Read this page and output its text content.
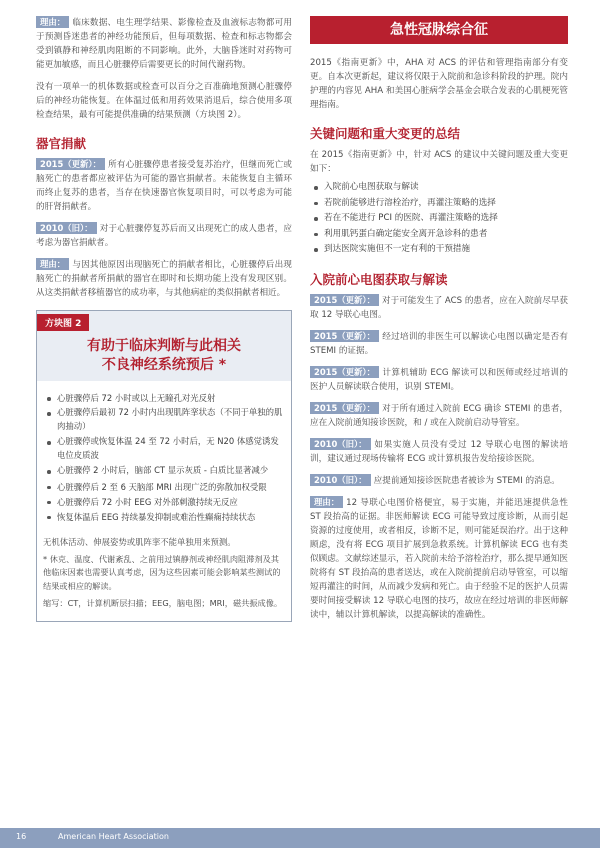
理由： 临床数据、电生理学结果、影像检查及血液标志物都可用于预测昏迷患者的神经功能预后，但每项数据、检查和标志物都会受到镇静和神经肌肉阻断的不同影响。此外，大脑昏迷时对药物可能更加敏感，而且心脏骤停后需要更长的时间代谢药物。

没有一项单一的机体数据或检查可以百分之百准确地预测心脏骤停后的神经功能恢复。在体温过低和用药效果消退后，综合使用多项检查结果，最有可能提供准确的结果预测（方块图 2）。

器官捐献

2015（更新）： 所有心脏骤停患者接受复苏治疗，但继而死亡或脑死亡的患者都应被评估为可能的器官捐献者。未能恢复自主循环而终止复苏的患者，当存在快速器官恢复项目时，可以考虑为可能的肝肾捐献者。

2010（旧）： 对于心脏骤停复苏后而又出现死亡的成人患者，应考虑为器官捐献者。

理由： 与因其他原因出现脑死亡的捐献者相比，心脏骤停后出现脑死亡的捐献者所捐献的器官在即时和长期功能上没有发现区别。从这类捐献者移植器官的成功率，与其他病症的类似捐献者相近。

方块图 2
有助于临床判断与此相关
不良神经系统预后 *
心脏骤停后 72 小时或以上无瞳孔对光反射
心脏骤停后最初 72 小时内出现肌阵挛状态（不同于单独的肌肉抽动）
心脏骤停或恢复体温 24 至 72 小时后，无 N20 体感觉诱发电位皮质波
心脏骤停 2 小时后，脑部 CT 显示灰质 - 白质比显著减少
心脏骤停后 2 至 6 天脑部 MRI 出现广泛的弥散加权受限
心脏骤停后 72 小时 EEG 对外部刺激持续无反应
恢复体温后 EEG 持续暴发抑制或难治性癫痫持续状态

无机体活动、伸展姿势或肌阵挛不能单独用来预测。

* 休克、温度、代谢紊乱、之前用过镇静剂或神经肌肉阻滞剂及其他临床因素也需要认真考虑，因为这些因素可能会影响某些测试的结果或相应的解读。

缩写：CT，计算机断层扫描；EEG，脑电图；MRI，磁共振成像。

急性冠脉综合征

2015《指南更新》中，AHA 对 ACS 的评估和管理指南部分有变更。自本次更新起，建议将仅限于入院前和急诊科阶段的护理。院内护理的内容见 AHA 和美国心脏病学会基金会联合发表的心肌梗死管理指南。

关键问题和重大变更的总结

在 2015《指南更新》中，针对 ACS 的建议中关键问题及重大变更如下：

入院前心电图获取与解读
若院前能够进行溶栓治疗，再灌注策略的选择
若在不能进行 PCI 的医院、再灌注策略的选择
利用肌钙蛋白确定能安全离开急诊科的患者
到达医院实施但不一定有利的干预措施
入院前心电图获取与解读

2015（更新）： 对于可能发生了 ACS 的患者，应在入院前尽早获取 12 导联心电图。

2015（更新）： 经过培训的非医生可以解读心电图以确定是否有 STEMI 的证据。

2015（更新）： 计算机辅助 ECG 解读可以和医师或经过培训的医护人员解读联合使用，识别 STEMI。

2015（更新）： 对于所有通过入院前 ECG 确诊 STEMI 的患者，应在入院前通知接诊医院，和 / 或在入院前启动导管室。

2010（旧）： 如果实施人员没有受过 12 导联心电图的解读培训，建议通过现场传输将 ECG 或计算机报告发给接诊医院。

2010（旧）： 应提前通知接诊医院患者被诊为 STEMI 的消息。

理由： 12 导联心电图价格便宜，易于实施，并能迅速提供急性 ST 段抬高的证据。非医师解读 ECG 可能导致过度诊断，从而引起资源的过度使用，或者相反，诊断不足，则可能延误治疗。出于这种顾虑，没有将 ECG 项目扩展到急救系统。计算机解读 ECG 也有类似顾虑。文献综述显示，若入院前未给予溶栓治疗，那么提早通知医院将有 ST 段抬高的患者送达，或在入院前提前启动导管室，可以缩短再灌注的时间，从而减少发病和死亡。由于经验不足的医护人员需要时间接受解读 12 导联心电图的技巧，故应在经过培训的非医师解读中，辅以计算机解读，以提高解读的准确性。

16	American Heart Association
